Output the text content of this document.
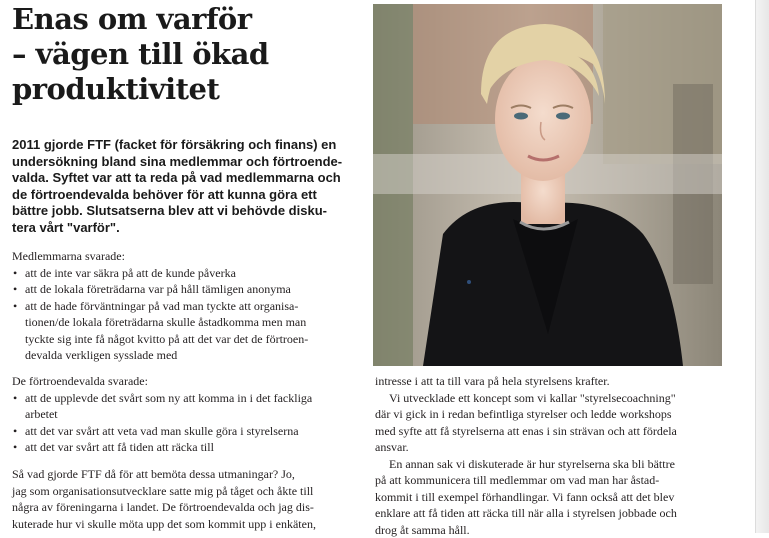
Enas om varför
– vägen till ökad
produktivitet
2011 gjorde FTF (facket för försäkring och finans) en
undersökning bland sina medlemmar och förtroende-
valda. Syftet var att ta reda på vad medlemmarna och
de förtroendevalda behöver för att kunna göra ett
bättre jobb. Slutsatserna blev att vi behövde disku-
tera vårt "varför".

Medlemmarna svarade:

• att de inte var säkra på att de kunde påverka
• att de lokala företrädarna var på håll tämligen anonyma
• att de hade förväntningar på vad man tyckte att organisa-
tionen/de lokala företrädarna skulle åstadkomma men man
tyckte sig inte få något kvitto på att det var det de förtroen-
devalda verkligen sysslade med

De förtroendevalda svarade:

• att de upplevde det svårt som ny att komma in i det fackliga
arbetet
• att det var svårt att veta vad man skulle göra i styrelserna
• att det var svårt att få tiden att räcka till

Så vad gjorde FTF då för att bemöta dessa utmaningar? Jo,

jag som organisationsutvecklare satte mig på tåget och åkte till

några av föreningarna i landet. De förtroendevalda och jag dis-

kuterade hur vi skulle möta upp det som kommit upp i enkäten,

intresse i att ta till vara på hela styrelsens krafter.

Vi utvecklade ett koncept som vi kallar "styrelsecoachning"

där vi gick in i redan befintliga styrelser och ledde workshops

med syfte att få styrelserna att enas i sin strävan och att fördela

ansvar.

En annan sak vi diskuterade är hur styrelserna ska bli bättre

på att kommunicera till medlemmar om vad man har åstad-

kommit i till exempel förhandlingar. Vi fann också att det blev

enklare att få tiden att räcka till när alla i styrelsen jobbade och

drog åt samma håll.
